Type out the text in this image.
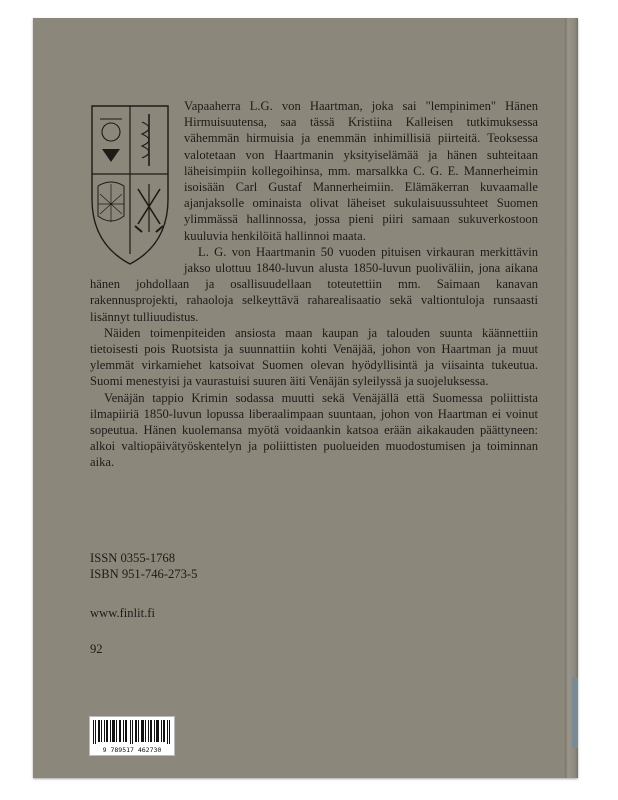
Vapaaherra L.G. von Haartman, joka sai "lempinimen" Hänen Hirmuisuutensa, saa tässä Kristiina Kalleisen tutkimuksessa vähemmän hirmuisia ja enemmän inhimillisiä piirteitä. Teoksessa valotetaan von Haartmanin yksityiselämää ja hänen suhteitaan läheisimpiin kollegoihinsa, mm. marsalkka C. G. E. Mannerheimin isoisään Carl Gustaf Mannerheimiin. Elämäkerran kuvaamalle ajanjaksolle ominaista olivat läheiset sukulaisuussuhteet Suomen ylimmässä hallinnossa, jossa pieni piiri samaan sukuverkostoon kuuluvia henkilöitä hallinnoi maata.

L. G. von Haartmanin 50 vuoden pituisen virkauran merkittävin jakso ulottuu 1840-luvun alusta 1850-luvun puoliväliin, jona aikana hänen johdollaan ja osallisuudellaan toteutettiin mm. Saimaan kanavan rakennusprojekti, rahaoloja selkeyttävä raharealisaatio sekä valtiontuloja runsaasti lisännyt tulliuudistus.

Näiden toimenpiteiden ansiosta maan kaupan ja talouden suunta käännettiin tietoisesti pois Ruotsista ja suunnattiin kohti Venäjää, johon von Haartman ja muut ylemmät virkamiehet katsoivat Suomen olevan hyödyllisintä ja viisainta tukeutua. Suomi menestyisi ja vaurastuisi suuren äiti Venäjän syleilyssä ja suojeluksessa.

Venäjän tappio Krimin sodassa muutti sekä Venäjällä että Suomessa poliittista ilmapiiriä 1850-luvun lopussa liberaalimpaan suuntaan, johon von Haartman ei voinut sopeutua. Hänen kuolemansa myötä voidaankin katsoa erään aikakauden päättyneen: alkoi valtiopäivätyöskentelyn ja poliittisten puolueiden muodostumisen ja toiminnan aika.

ISSN 0355-1768
ISBN 951-746-273-5
www.finlit.fi
92
9 789517 462730
